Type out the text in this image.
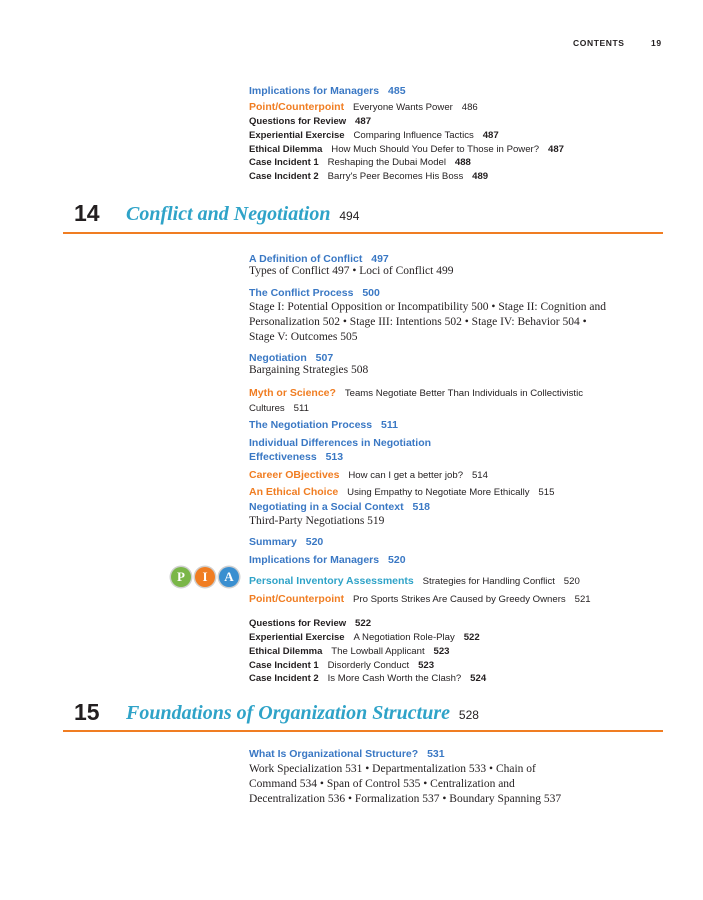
CONTENTS	19
Implications for Managers 485
Point/Counterpoint Everyone Wants Power 486
Questions for Review 487
Experiential Exercise Comparing Influence Tactics 487
Ethical Dilemma How Much Should You Defer to Those in Power? 487
Case Incident 1 Reshaping the Dubai Model 488
Case Incident 2 Barry's Peer Becomes His Boss 489
14 Conflict and Negotiation 494
A Definition of Conflict 497
Types of Conflict 497 • Loci of Conflict 499
The Conflict Process 500
Stage I: Potential Opposition or Incompatibility 500 • Stage II: Cognition and
Personalization 502 • Stage III: Intentions 502 • Stage IV: Behavior 504 •
Stage V: Outcomes 505
Negotiation 507
Bargaining Strategies 508
Myth or Science? Teams Negotiate Better Than Individuals in Collectivistic
Cultures 511
The Negotiation Process 511
Individual Differences in Negotiation
Effectiveness 513
Career OBjectives How can I get a better job? 514
An Ethical Choice Using Empathy to Negotiate More Ethically 515
Negotiating in a Social Context 518
Third-Party Negotiations 519
Summary 520
Implications for Managers 520
P	I	A	Personal Inventory Assessments Strategies for Handling Conflict 520
Point/Counterpoint Pro Sports Strikes Are Caused by Greedy Owners 521
Questions for Review 522
Experiential Exercise A Negotiation Role-Play 522
Ethical Dilemma The Lowball Applicant 523
Case Incident 1 Disorderly Conduct 523
Case Incident 2 Is More Cash Worth the Clash? 524
15 Foundations of Organization Structure 528
What Is Organizational Structure? 531
Work Specialization 531 • Departmentalization 533 • Chain of
Command 534 • Span of Control 535 • Centralization and
Decentralization 536 • Formalization 537 • Boundary Spanning 537
